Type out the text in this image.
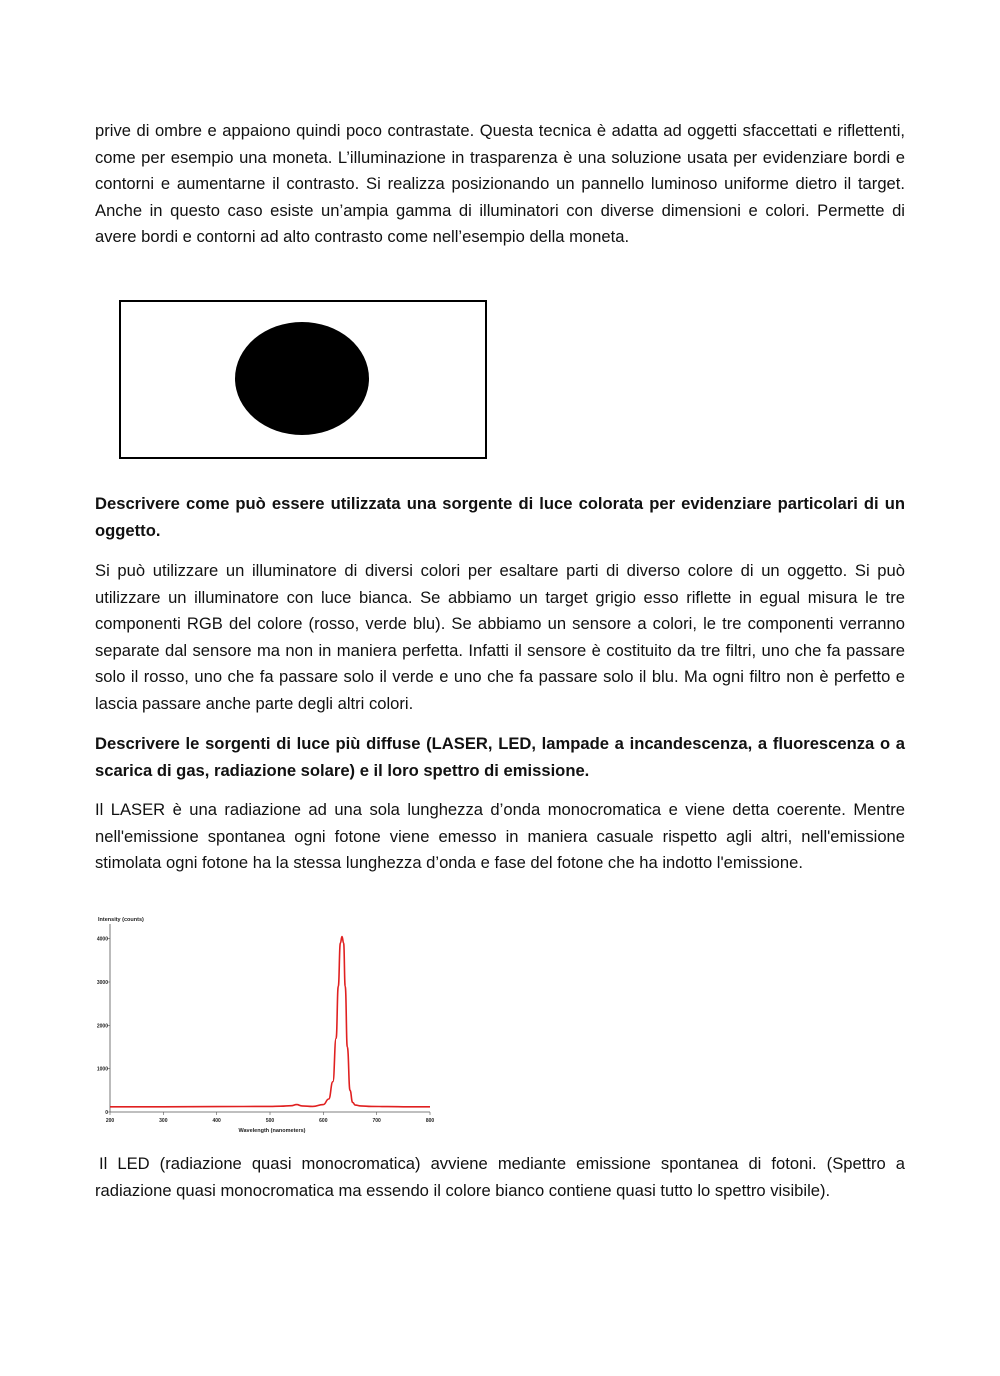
prive di ombre e appaiono quindi poco contrastate. Questa tecnica è adatta ad oggetti sfaccettati e riflettenti, come per esempio una moneta. L’illuminazione in trasparenza è una soluzione usata per evidenziare bordi e contorni e aumentarne il contrasto. Si realizza posizionando un pannello luminoso uniforme dietro il target. Anche in questo caso esiste un’ampia gamma di illuminatori con diverse dimensioni e colori. Permette di avere bordi e contorni ad alto contrasto come nell’esempio della moneta.

Descrivere come può essere utilizzata una sorgente di luce colorata per evidenziare particolari di un oggetto.

Si può utilizzare un illuminatore di diversi colori per esaltare parti di diverso colore di un oggetto. Si può utilizzare un illuminatore con luce bianca. Se abbiamo un target grigio esso riflette in egual misura le tre componenti RGB del colore (rosso, verde blu). Se abbiamo un sensore a colori, le tre componenti verranno separate dal sensore ma non in maniera perfetta. Infatti il sensore è costituito da tre filtri, uno che fa passare solo il rosso, uno che fa passare solo il verde e uno che fa passare solo il blu. Ma ogni filtro non è perfetto e lascia passare anche parte degli altri colori.

Descrivere le sorgenti di luce più diffuse (LASER, LED, lampade a incandescenza, a fluorescenza o a scarica di gas, radiazione solare) e il loro spettro di emissione.

Il LASER è una radiazione ad una sola lunghezza d’onda monocromatica e viene detta coerente. Mentre nell'emissione spontanea ogni fotone viene emesso in maniera casuale rispetto agli altri, nell'emissione stimolata ogni fotone ha la stessa lunghezza d’onda e fase del fotone che ha indotto l'emissione.

Intensity (counts)
200	300	400	500	600	700	800
0
1000
2000
3000
4000
Wavelength (nanometers)

Il LED (radiazione quasi monocromatica) avviene mediante emissione spontanea di fotoni. (Spettro a radiazione quasi monocromatica ma essendo il colore bianco contiene quasi tutto lo spettro visibile).
